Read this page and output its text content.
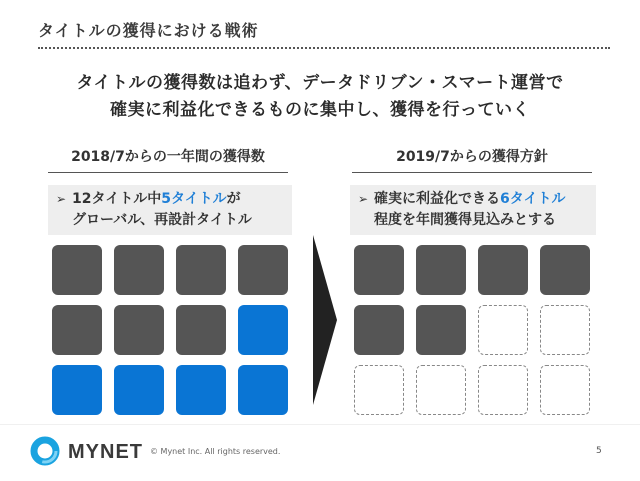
タイトルの獲得における戦術
タイトルの獲得数は追わず、データドリブン・スマート運営で
確実に利益化できるものに集中し、獲得を行っていく
2018/7からの一年間の獲得数
➢ 12タイトル中5タイトルが
グローバル、再設計タイトル
2019/7からの獲得方針
➢ 確実に利益化できる6タイトル
程度を年間獲得見込みとする
MYNET © Mynet Inc. All rights reserved.	5
